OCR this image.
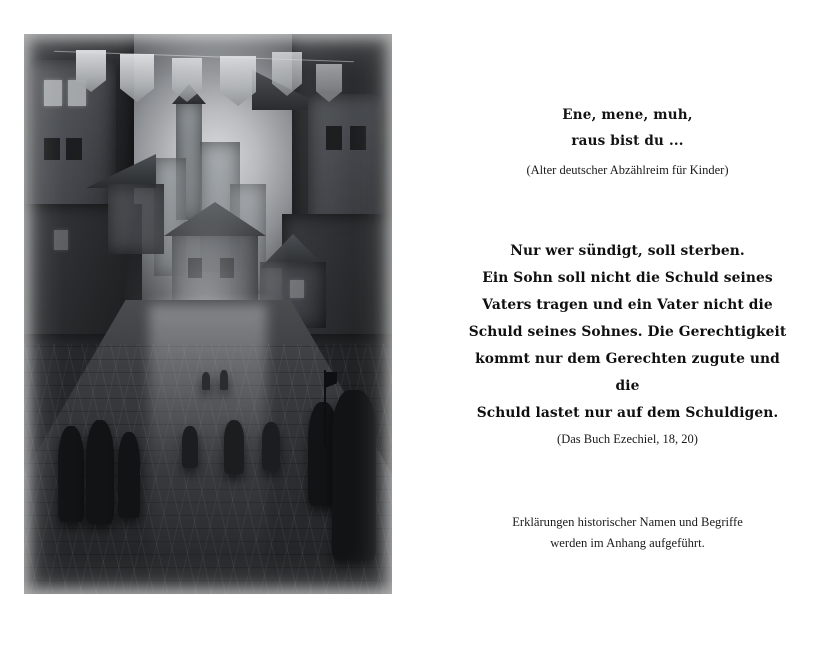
Ene, mene, muh,
raus bist du ...
(Alter deutscher Abzählreim für Kinder)
Nur wer sündigt, soll sterben.
Ein Sohn soll nicht die Schuld seines
Vaters tragen und ein Vater nicht die
Schuld seines Sohnes. Die Gerechtigkeit
kommt nur dem Gerechten zugute und die
Schuld lastet nur auf dem Schuldigen.
(Das Buch Ezechiel, 18, 20)
Erklärungen historischer Namen und Begriffe
werden im Anhang aufgeführt.
